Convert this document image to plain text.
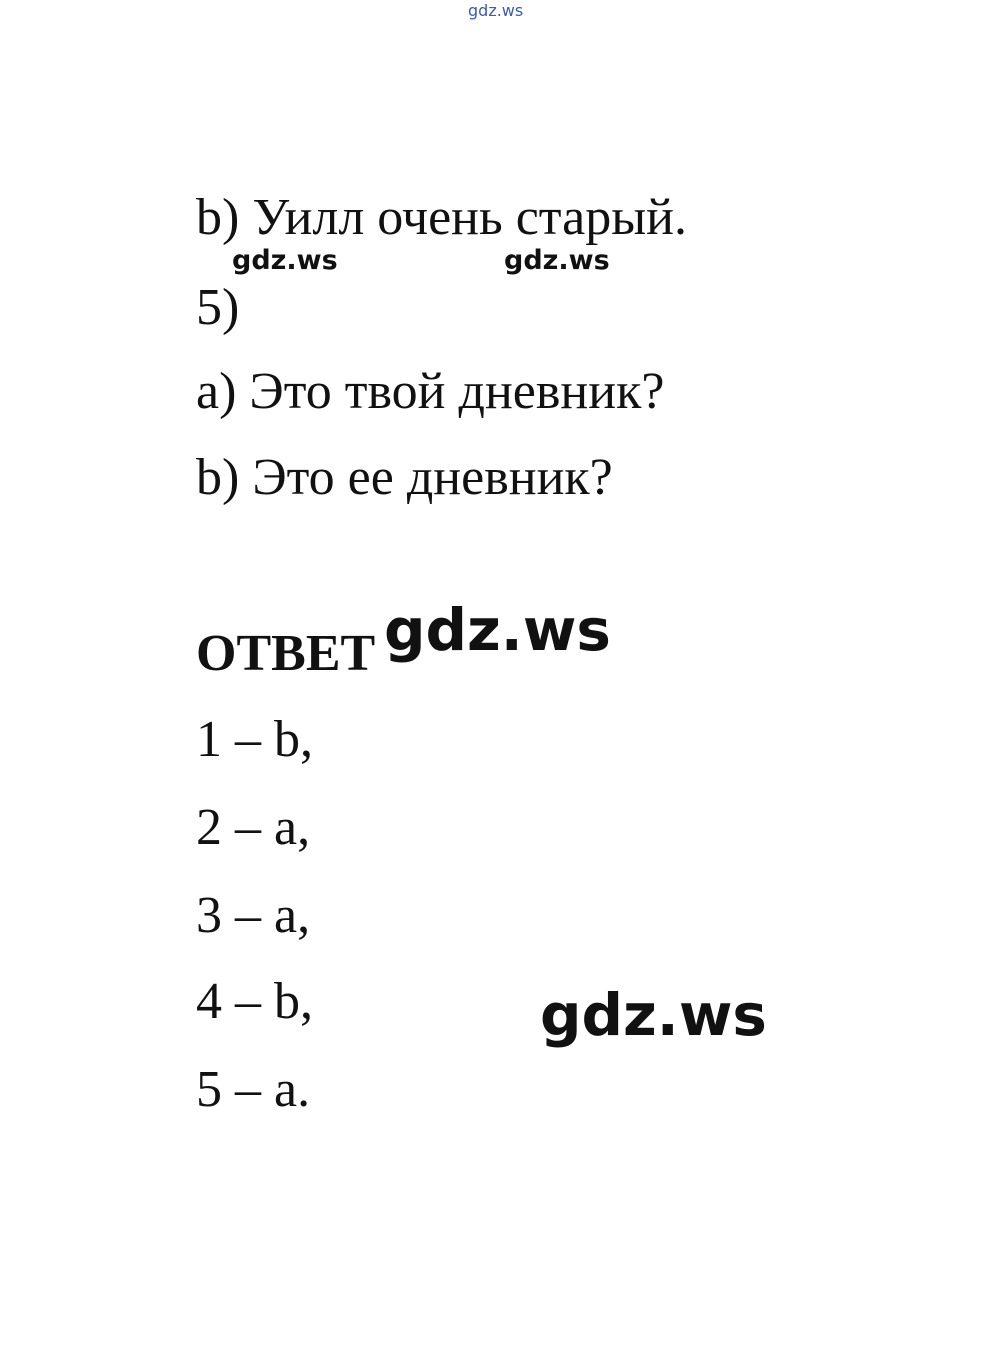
gdz.ws
b) Уилл очень старый.
gdz.ws	gdz.ws
5)
a) Это твой дневник?
b) Это ее дневник?
ОТВЕТ gdz.ws
1 – b,
2 – a,
3 – a,
4 – b,	gdz.ws
5 – a.
